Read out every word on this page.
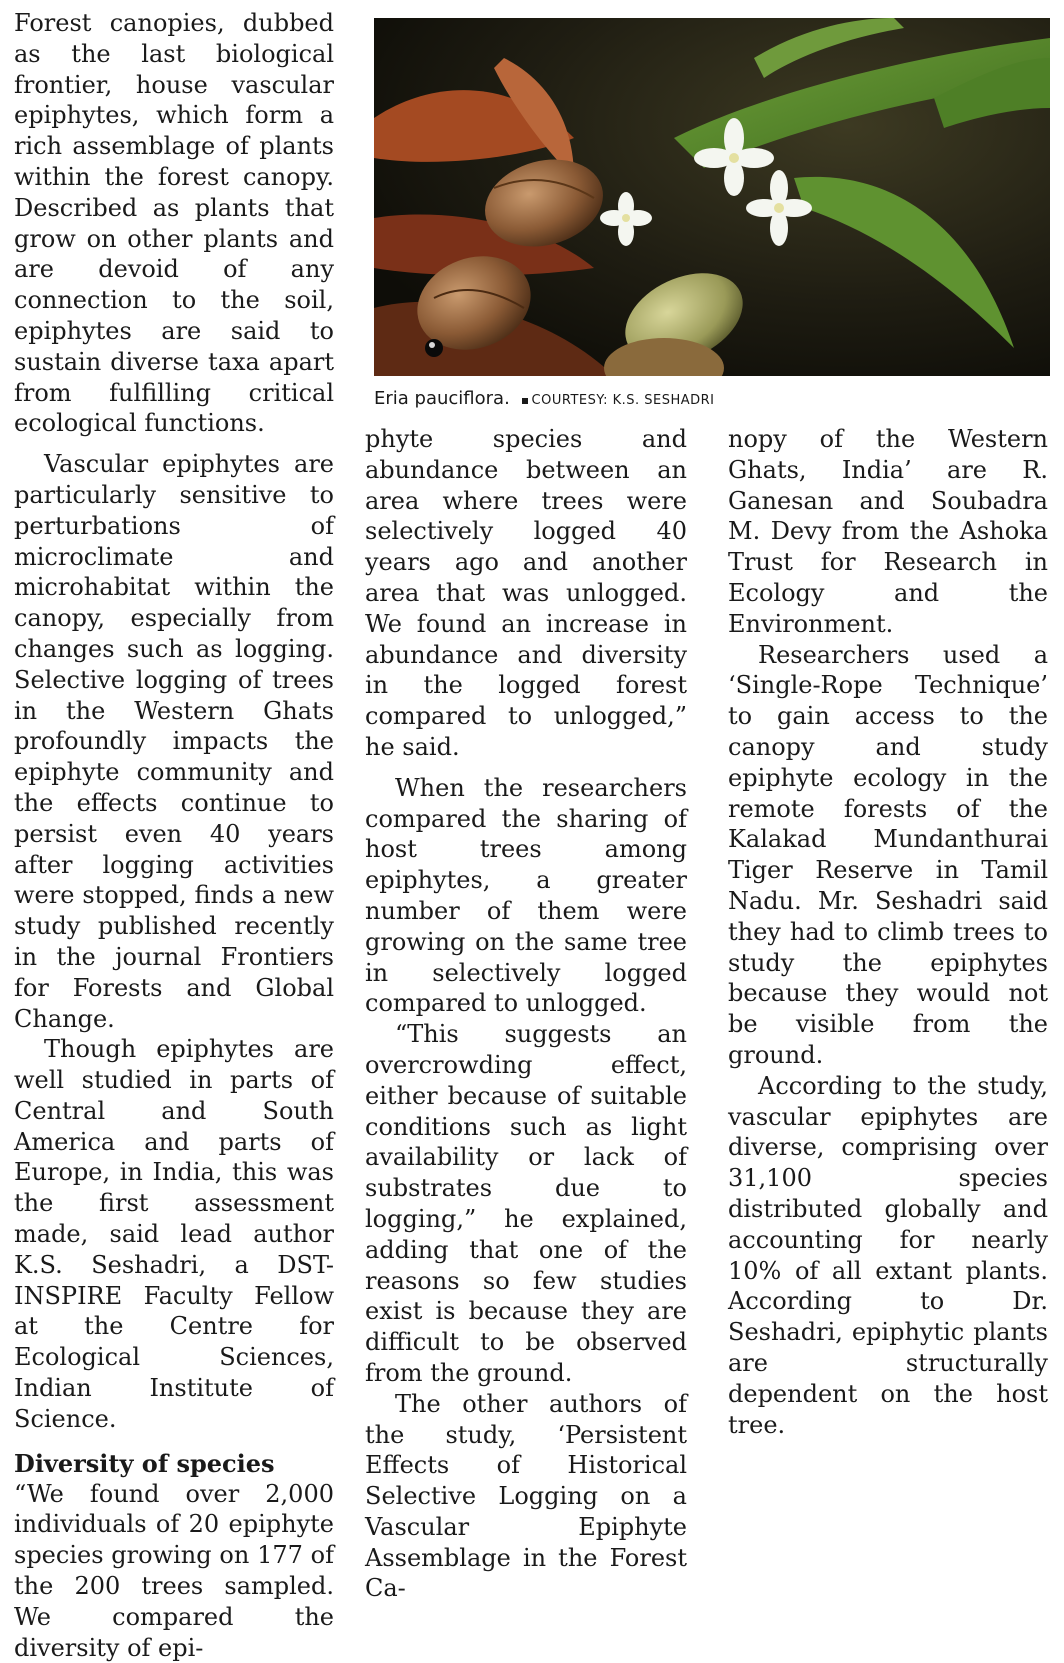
Forest canopies, dubbed as the last biological frontier, house vascular epiphytes, which form a rich assemblage of plants within the forest canopy. Described as plants that grow on other plants and are devoid of any connection to the soil, epiphytes are said to sustain diverse taxa apart from fulfilling critical ecological functions.

Vascular epiphytes are particularly sensitive to perturbations of microclimate and microhabitat within the canopy, especially from changes such as logging. Selective logging of trees in the Western Ghats profoundly impacts the epiphyte community and the effects continue to persist even 40 years after logging activities were stopped, finds a new study published recently in the journal Frontiers for Forests and Global Change.

Though epiphytes are well studied in parts of Central and South America and parts of Europe, in India, this was the first assessment made, said lead author K.S. Seshadri, a DST-INSPIRE Faculty Fellow at the Centre for Ecological Sciences, Indian Institute of Science.

Diversity of species

“We found over 2,000 individuals of 20 epiphyte species growing on 177 of the 200 trees sampled. We compared the diversity of epi-

Eria pauciflora. COURTESY: K.S. SESHADRI

phyte species and abundance between an area where trees were selectively logged 40 years ago and another area that was unlogged. We found an increase in abundance and diversity in the logged forest compared to unlogged,” he said.

When the researchers compared the sharing of host trees among epiphytes, a greater number of them were growing on the same tree in selectively logged compared to unlogged.

“This suggests an overcrowding effect, either because of suitable conditions such as light availability or lack of substrates due to logging,” he explained, adding that one of the reasons so few studies exist is because they are difficult to be observed from the ground.

The other authors of the study, ‘Persistent Effects of Historical Selective Logging on a Vascular Epiphyte Assemblage in the Forest Ca-

nopy of the Western Ghats, India’ are R. Ganesan and Soubadra M. Devy from the Ashoka Trust for Research in Ecology and the Environment.

Researchers used a ‘Single-Rope Technique’ to gain access to the canopy and study epiphyte ecology in the remote forests of the Kalakad Mundanthurai Tiger Reserve in Tamil Nadu. Mr. Seshadri said they had to climb trees to study the epiphytes because they would not be visible from the ground.

According to the study, vascular epiphytes are diverse, comprising over 31,100 species distributed globally and accounting for nearly 10% of all extant plants. According to Dr. Seshadri, epiphytic plants are structurally dependent on the host tree.
